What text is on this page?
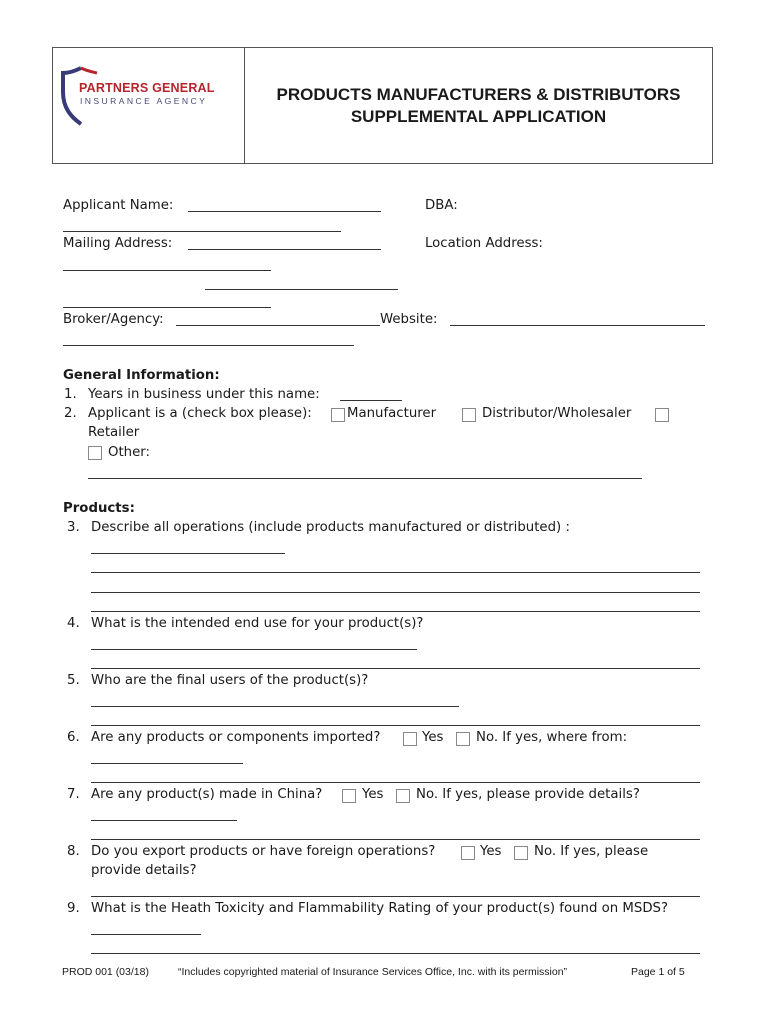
PARTNERS GENERAL
INSURANCE AGENCY	PRODUCTS MANUFACTURERS & DISTRIBUTORS
SUPPLEMENTAL APPLICATION
Applicant Name:	DBA:
Mailing Address:	Location Address:
Broker/Agency:	Website:
General Information:
1. Years in business under this name:
2. Applicant is a (check box please):	Manufacturer	Distributor/Wholesaler
Retailer
Other:
Products:
3. Describe all operations (include products manufactured or distributed) :
4. What is the intended end use for your product(s)?
5. Who are the final users of the product(s)?
6. Are any products or components imported?	Yes No. If yes, where from:
7. Are any product(s) made in China?	Yes No. If yes, please provide details?
8. Do you export products or have foreign operations?	Yes No. If yes, please
provide details?
9. What is the Heath Toxicity and Flammability Rating of your product(s) found on MSDS?
PROD 001 (03/18)	“Includes copyrighted material of Insurance Services Office, Inc. with its permission”	Page 1 of 5
